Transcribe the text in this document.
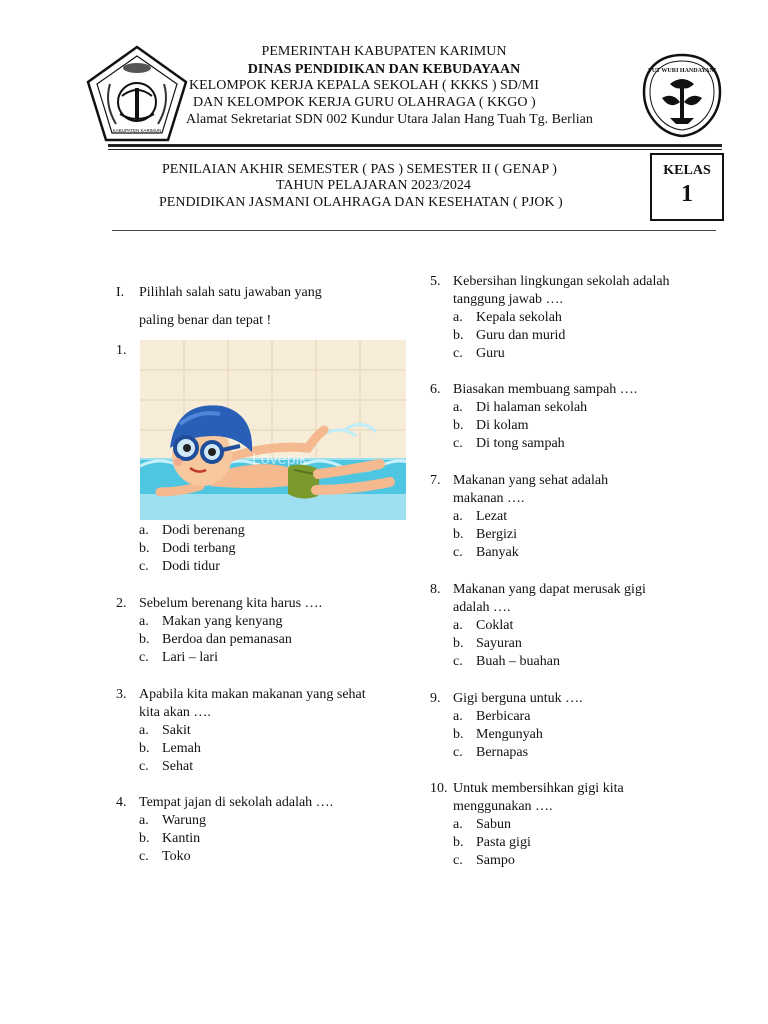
KABUPATEN KARIMUN
TUT WURI HANDAYANI
PEMERINTAH KABUPATEN KARIMUN
DINAS PENDIDIKAN DAN KEBUDAYAAN
KELOMPOK KERJA KEPALA SEKOLAH ( KKKS ) SD/MI
DAN KELOMPOK KERJA GURU OLAHRAGA ( KKGO )
Alamat Sekretariat SDN 002 Kundur Utara Jalan Hang Tuah Tg. Berlian
PENILAIAN AKHIR SEMESTER ( PAS ) SEMESTER II ( GENAP )
TAHUN PELAJARAN 2023/2024
PENDIDIKAN JASMANI OLAHRAGA DAN KESEHATAN ( PJOK )
KELAS
1
I. Pilihlah salah satu jawaban yang
paling benar dan tepat !
1.
Lovepik
a. Dodi berenang
b. Dodi terbang
c. Dodi tidur
2. Sebelum berenang kita harus ….
a. Makan yang kenyang
b. Berdoa dan pemanasan
c. Lari – lari
3. Apabila kita makan makanan yang sehat kita akan ….
a. Sakit
b. Lemah
c. Sehat
4. Tempat jajan di sekolah adalah ….
a. Warung
b. Kantin
c. Toko
5. Kebersihan lingkungan sekolah adalah tanggung jawab ….
a. Kepala sekolah
b. Guru dan murid
c. Guru
6. Biasakan membuang sampah ….
a. Di halaman sekolah
b. Di kolam
c. Di tong sampah
7. Makanan yang sehat adalah makanan ….
a. Lezat
b. Bergizi
c. Banyak
8. Makanan yang dapat merusak gigi adalah ….
a. Coklat
b. Sayuran
c. Buah – buahan
9. Gigi berguna untuk ….
a. Berbicara
b. Mengunyah
c. Bernapas
10. Untuk membersihkan gigi kita menggunakan ….
a. Sabun
b. Pasta gigi
c. Sampo
